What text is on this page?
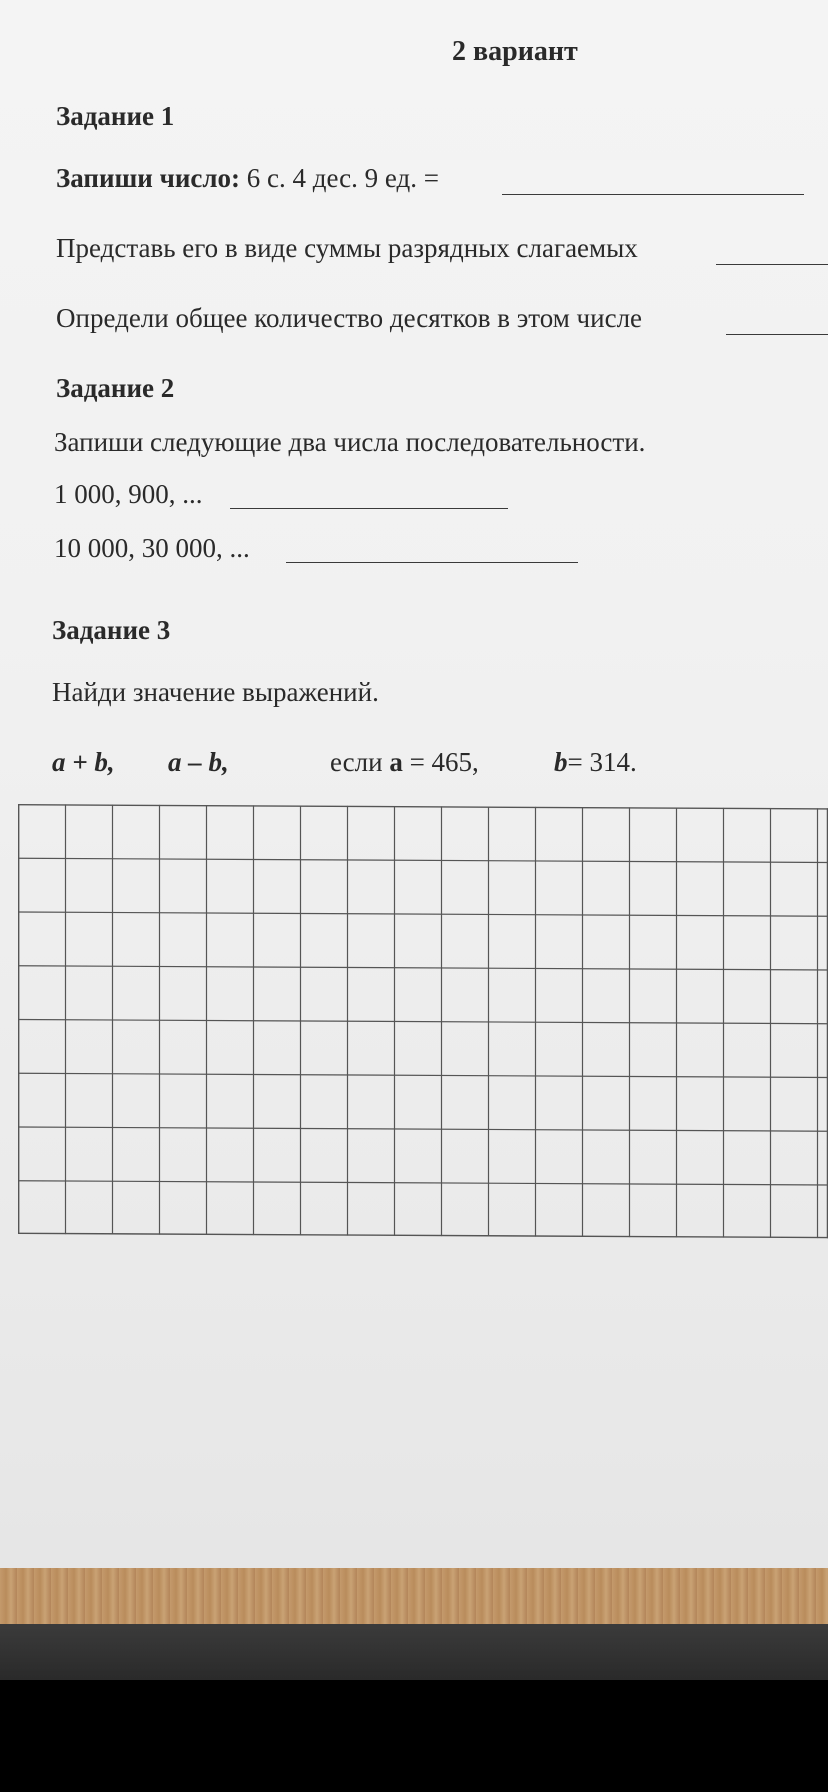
2 вариант
Задание 1
Запиши число: 6 с. 4 дес. 9 ед. =
Представь его в виде суммы разрядных слагаемых
Определи общее количество десятков в этом числе
Задание 2
Запиши следующие два числа последовательности.
1 000, 900, ...
10 000, 30 000, ...
Задание 3
Найди значение выражений.
a + b, a – b,	если a = 465,	b= 314.
